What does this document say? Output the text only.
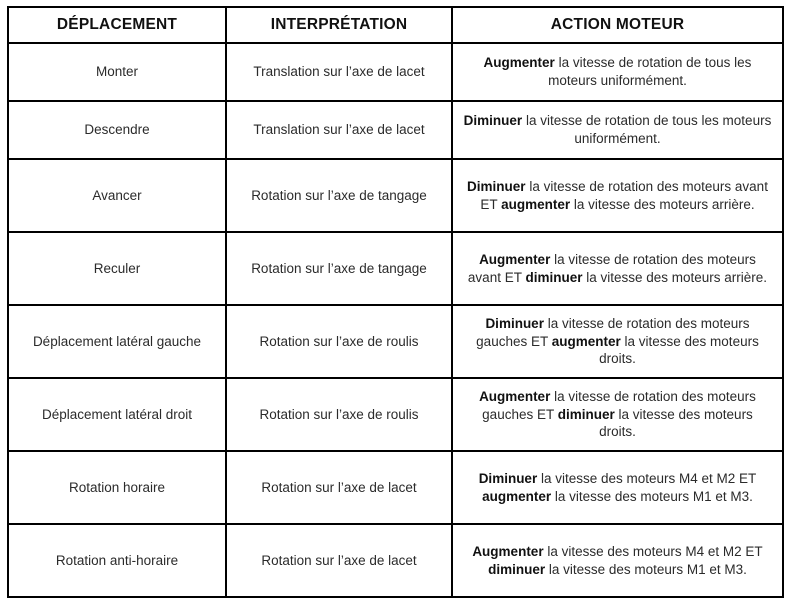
DÉPLACEMENT	INTERPRÉTATION	ACTION MOTEUR
Monter	Translation sur l’axe de lacet	Augmenter la vitesse de rotation de tous les moteurs uniformément.
Descendre	Translation sur l’axe de lacet	Diminuer la vitesse de rotation de tous les moteurs uniformément.
Avancer	Rotation sur l’axe de tangage	Diminuer la vitesse de rotation des moteurs avant ET augmenter la vitesse des moteurs arrière.
Reculer	Rotation sur l’axe de tangage	Augmenter la vitesse de rotation des moteurs avant ET diminuer la vitesse des moteurs arrière.
Déplacement latéral gauche	Rotation sur l’axe de roulis	Diminuer la vitesse de rotation des moteurs gauches ET augmenter la vitesse des moteurs droits.
Déplacement latéral droit	Rotation sur l’axe de roulis	Augmenter la vitesse de rotation des moteurs gauches ET diminuer la vitesse des moteurs droits.
Rotation horaire	Rotation sur l’axe de lacet	Diminuer la vitesse des moteurs M4 et M2 ET augmenter la vitesse des moteurs M1 et M3.
Rotation anti-horaire	Rotation sur l’axe de lacet	Augmenter la vitesse des moteurs M4 et M2 ET diminuer la vitesse des moteurs M1 et M3.
